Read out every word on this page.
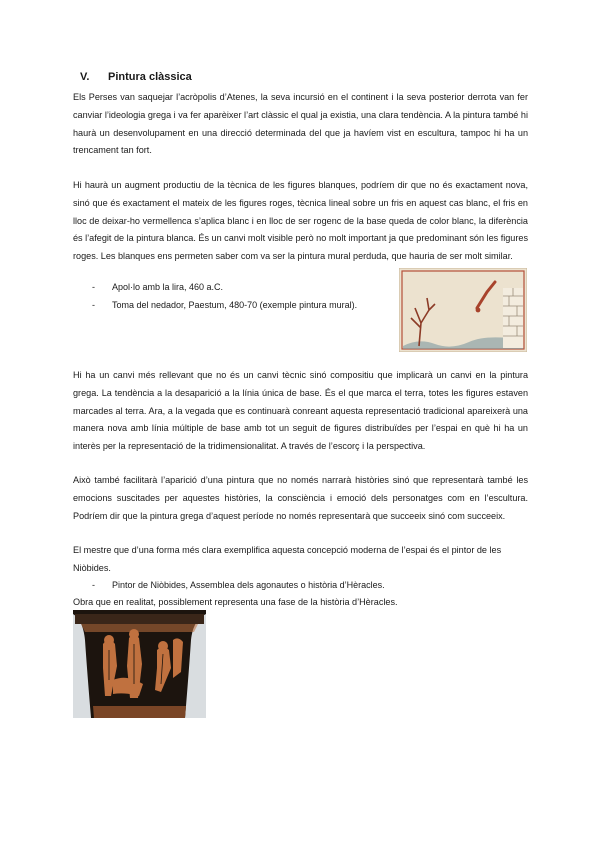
V. Pintura clàssica

Els Perses van saquejar l’acròpolis d’Atenes, la seva incursió en el continent i la seva posterior derrota van fer canviar l’ideologia grega i va fer aparèixer l’art clàssic el qual ja existia, una clara tendència. A la pintura també hi haurà un desenvolupament en una direcció determinada del que ja havíem vist en escultura, tampoc hi ha un trencament tan fort.

Hi haurà un augment productiu de la tècnica de les figures blanques, podríem dir que no és exactament nova, sinó que és exactament el mateix de les figures roges, tècnica lineal sobre un fris en aquest cas blanc, el fris en lloc de deixar-ho vermellenca s’aplica blanc i en lloc de ser rogenc de la base queda de color blanc, la diferència és l’afegit de la pintura blanca. És un canvi molt visible però no molt important ja que predominant són les figures roges. Les blanques ens permeten saber com va ser la pintura mural perduda, que hauria de ser molt similar.

- Apol·lo amb la lira, 460 a.C.
- Toma del nedador, Paestum, 480-70 (exemple pintura mural).

Hi ha un canvi més rellevant que no és un canvi tècnic sinó compositiu que implicarà un canvi en la pintura grega. La tendència a la desaparició a la línia única de base. És el que marca el terra, totes les figures estaven marcades al terra. Ara, a la vegada que es continuarà conreant aquesta representació tradicional apareixerà una manera nova amb línia múltiple de base amb tot un seguit de figures distribuïdes per l’espai en què hi ha un interès per la representació de la tridimensionalitat. A través de l’escorç i la perspectiva.

Això també facilitarà l’aparició d’una pintura que no només narrarà històries sinó que representarà també les emocions suscitades per aquestes històries, la consciència i emoció dels personatges com en l’escultura. Podríem dir que la pintura grega d’aquest període no només representarà que succeeix sinó com succeeix.

El mestre que d’una forma més clara exemplifica aquesta concepció moderna de l’espai és el pintor de les Niòbides.

- Pintor de Niòbides, Assemblea dels agonautes o història d’Hèracles.

Obra que en realitat, possiblement representa una fase de la història d’Hèracles.
